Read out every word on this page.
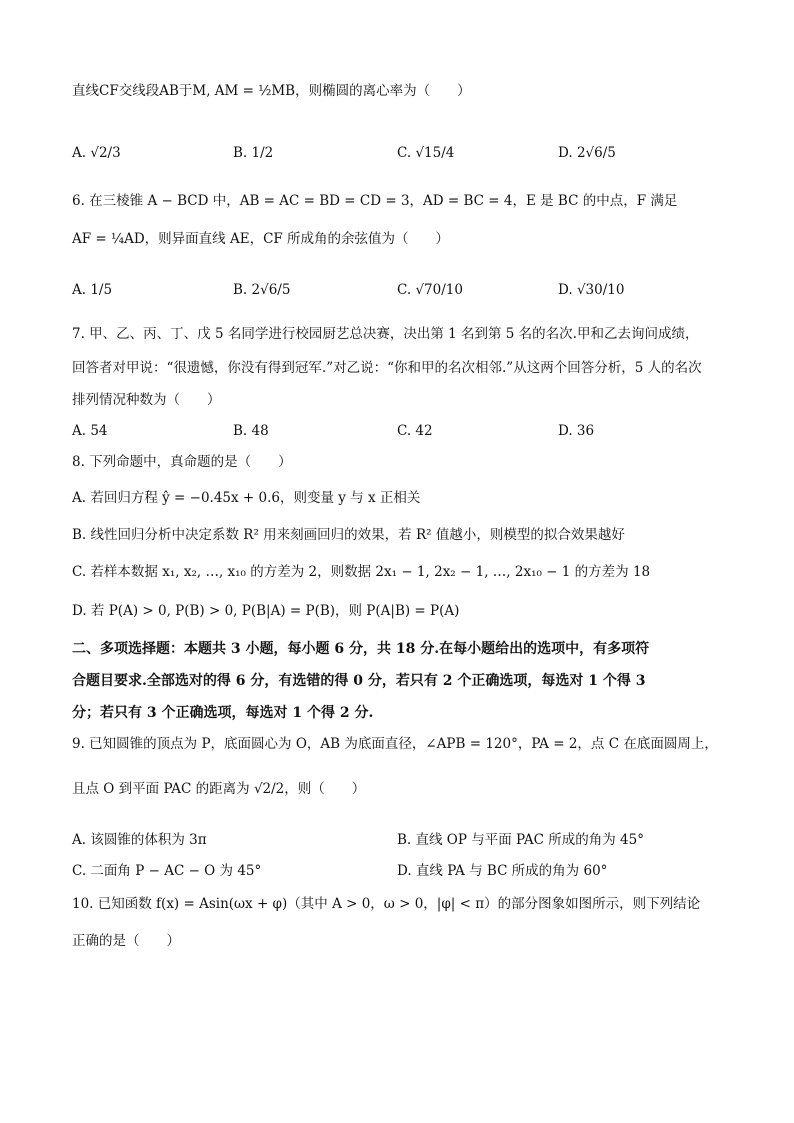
直线CF交线段AB于M, AM = ½MB，则椭圆的离心率为（　　）
A. √2/3	B. 1/2	C. √15/4	D. 2√6/5
6. 在三棱锥 A − BCD 中，AB = AC = BD = CD = 3，AD = BC = 4，E 是 BC 的中点，F 满足
AF = ¼AD，则异面直线 AE，CF 所成角的余弦值为（　　）
A. 1/5	B. 2√6/5	C. √70/10	D. √30/10
7. 甲、乙、丙、丁、戊 5 名同学进行校园厨艺总决赛，决出第 1 名到第 5 名的名次.甲和乙去询问成绩，
回答者对甲说：“很遗憾，你没有得到冠军.”对乙说：“你和甲的名次相邻.”从这两个回答分析，5 人的名次
排列情况种数为（　　）
A. 54	B. 48	C. 42	D. 36
8. 下列命题中，真命题的是（　　）
A. 若回归方程 ŷ = −0.45x + 0.6，则变量 y 与 x 正相关
B. 线性回归分析中决定系数 R² 用来刻画回归的效果，若 R² 值越小，则模型的拟合效果越好
C. 若样本数据 x₁, x₂, …, x₁₀ 的方差为 2，则数据 2x₁ − 1, 2x₂ − 1, …, 2x₁₀ − 1 的方差为 18
D. 若 P(A) > 0, P(B) > 0, P(B|A) = P(B)，则 P(A|B) = P(A)
二、多项选择题：本题共 3 小题，每小题 6 分，共 18 分.在每小题给出的选项中，有多项符
合题目要求.全部选对的得 6 分，有选错的得 0 分，若只有 2 个正确选项，每选对 1 个得 3
分；若只有 3 个正确选项，每选对 1 个得 2 分.
9. 已知圆锥的顶点为 P，底面圆心为 O，AB 为底面直径，∠APB = 120°，PA = 2，点 C 在底面圆周上，
且点 O 到平面 PAC 的距离为 √2/2，则（　　）
A. 该圆锥的体积为 3π	B. 直线 OP 与平面 PAC 所成的角为 45°
C. 二面角 P − AC − O 为 45°	D. 直线 PA 与 BC 所成的角为 60°
10. 已知函数 f(x) = Asin(ωx + φ)（其中 A > 0，ω > 0，|φ| < π）的部分图象如图所示，则下列结论
正确的是（　　）
